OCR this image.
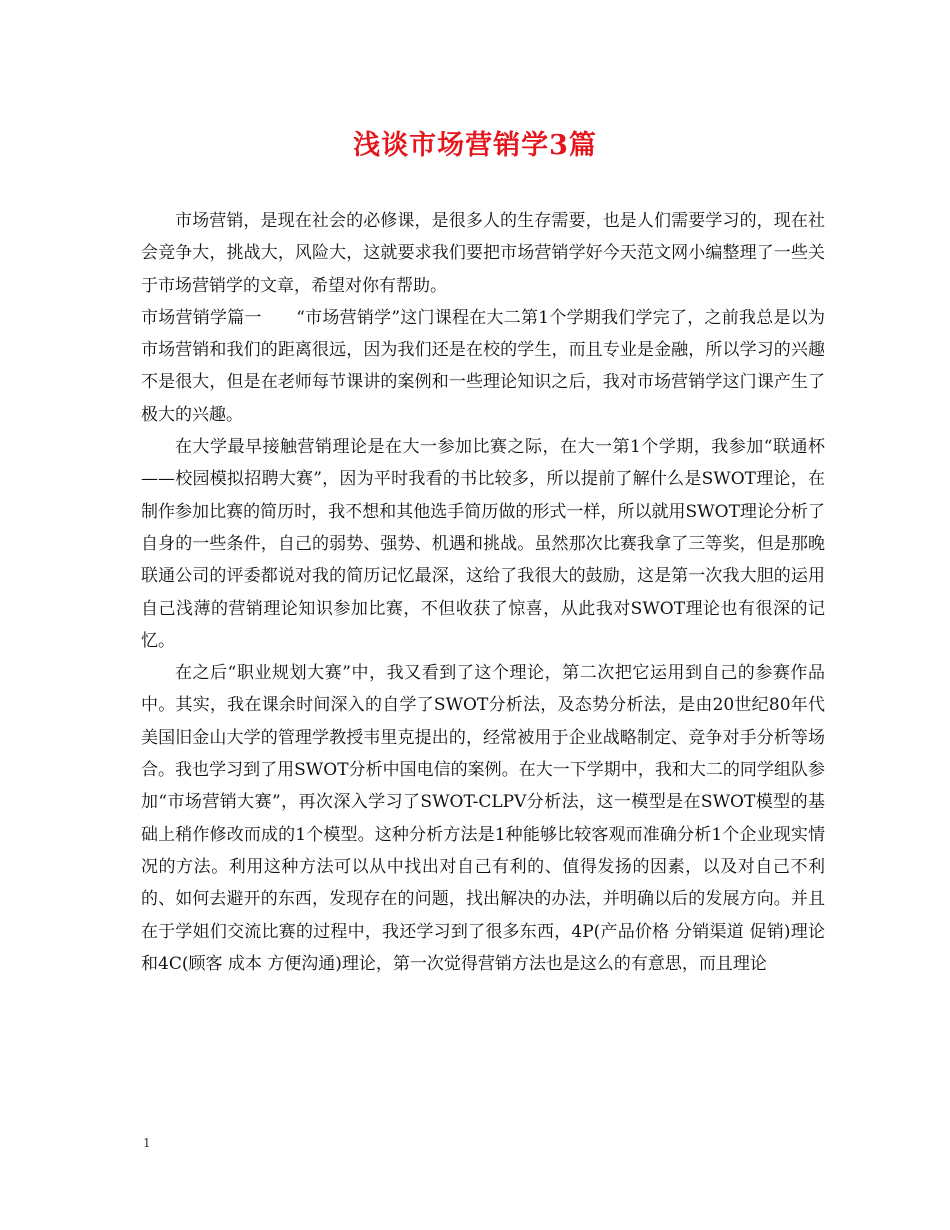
浅谈市场营销学3篇

市场营销，是现在社会的必修课，是很多人的生存需要，也是人们需要学习的，现在社会竞争大，挑战大，风险大，这就要求我们要把市场营销学好今天范文网小编整理了一些关于市场营销学的文章，希望对你有帮助。

市场营销学篇一　　“市场营销学”这门课程在大二第1个学期我们学完了，之前我总是以为市场营销和我们的距离很远，因为我们还是在校的学生，而且专业是金融，所以学习的兴趣不是很大，但是在老师每节课讲的案例和一些理论知识之后，我对市场营销学这门课产生了极大的兴趣。

在大学最早接触营销理论是在大一参加比赛之际，在大一第1个学期，我参加“联通杯——校园模拟招聘大赛”，因为平时我看的书比较多，所以提前了解什么是SWOT理论，在制作参加比赛的简历时，我不想和其他选手简历做的形式一样，所以就用SWOT理论分析了自身的一些条件，自己的弱势、强势、机遇和挑战。虽然那次比赛我拿了三等奖，但是那晚联通公司的评委都说对我的简历记忆最深，这给了我很大的鼓励，这是第一次我大胆的运用自己浅薄的营销理论知识参加比赛，不但收获了惊喜，从此我对SWOT理论也有很深的记忆。

在之后“职业规划大赛”中，我又看到了这个理论，第二次把它运用到自己的参赛作品中。其实，我在课余时间深入的自学了SWOT分析法，及态势分析法，是由20世纪80年代美国旧金山大学的管理学教授韦里克提出的，经常被用于企业战略制定、竞争对手分析等场合。我也学习到了用SWOT分析中国电信的案例。在大一下学期中，我和大二的同学组队参加“市场营销大赛”，再次深入学习了SWOT-CLPV分析法，这一模型是在SWOT模型的基础上稍作修改而成的1个模型。这种分析方法是1种能够比较客观而准确分析1个企业现实情况的方法。利用这种方法可以从中找出对自己有利的、值得发扬的因素，以及对自己不利的、如何去避开的东西，发现存在的问题，找出解决的办法，并明确以后的发展方向。并且在于学姐们交流比赛的过程中，我还学习到了很多东西，4P(产品价格 分销渠道 促销)理论和4C(顾客 成本 方便沟通)理论，第一次觉得营销方法也是这么的有意思，而且理论

1
